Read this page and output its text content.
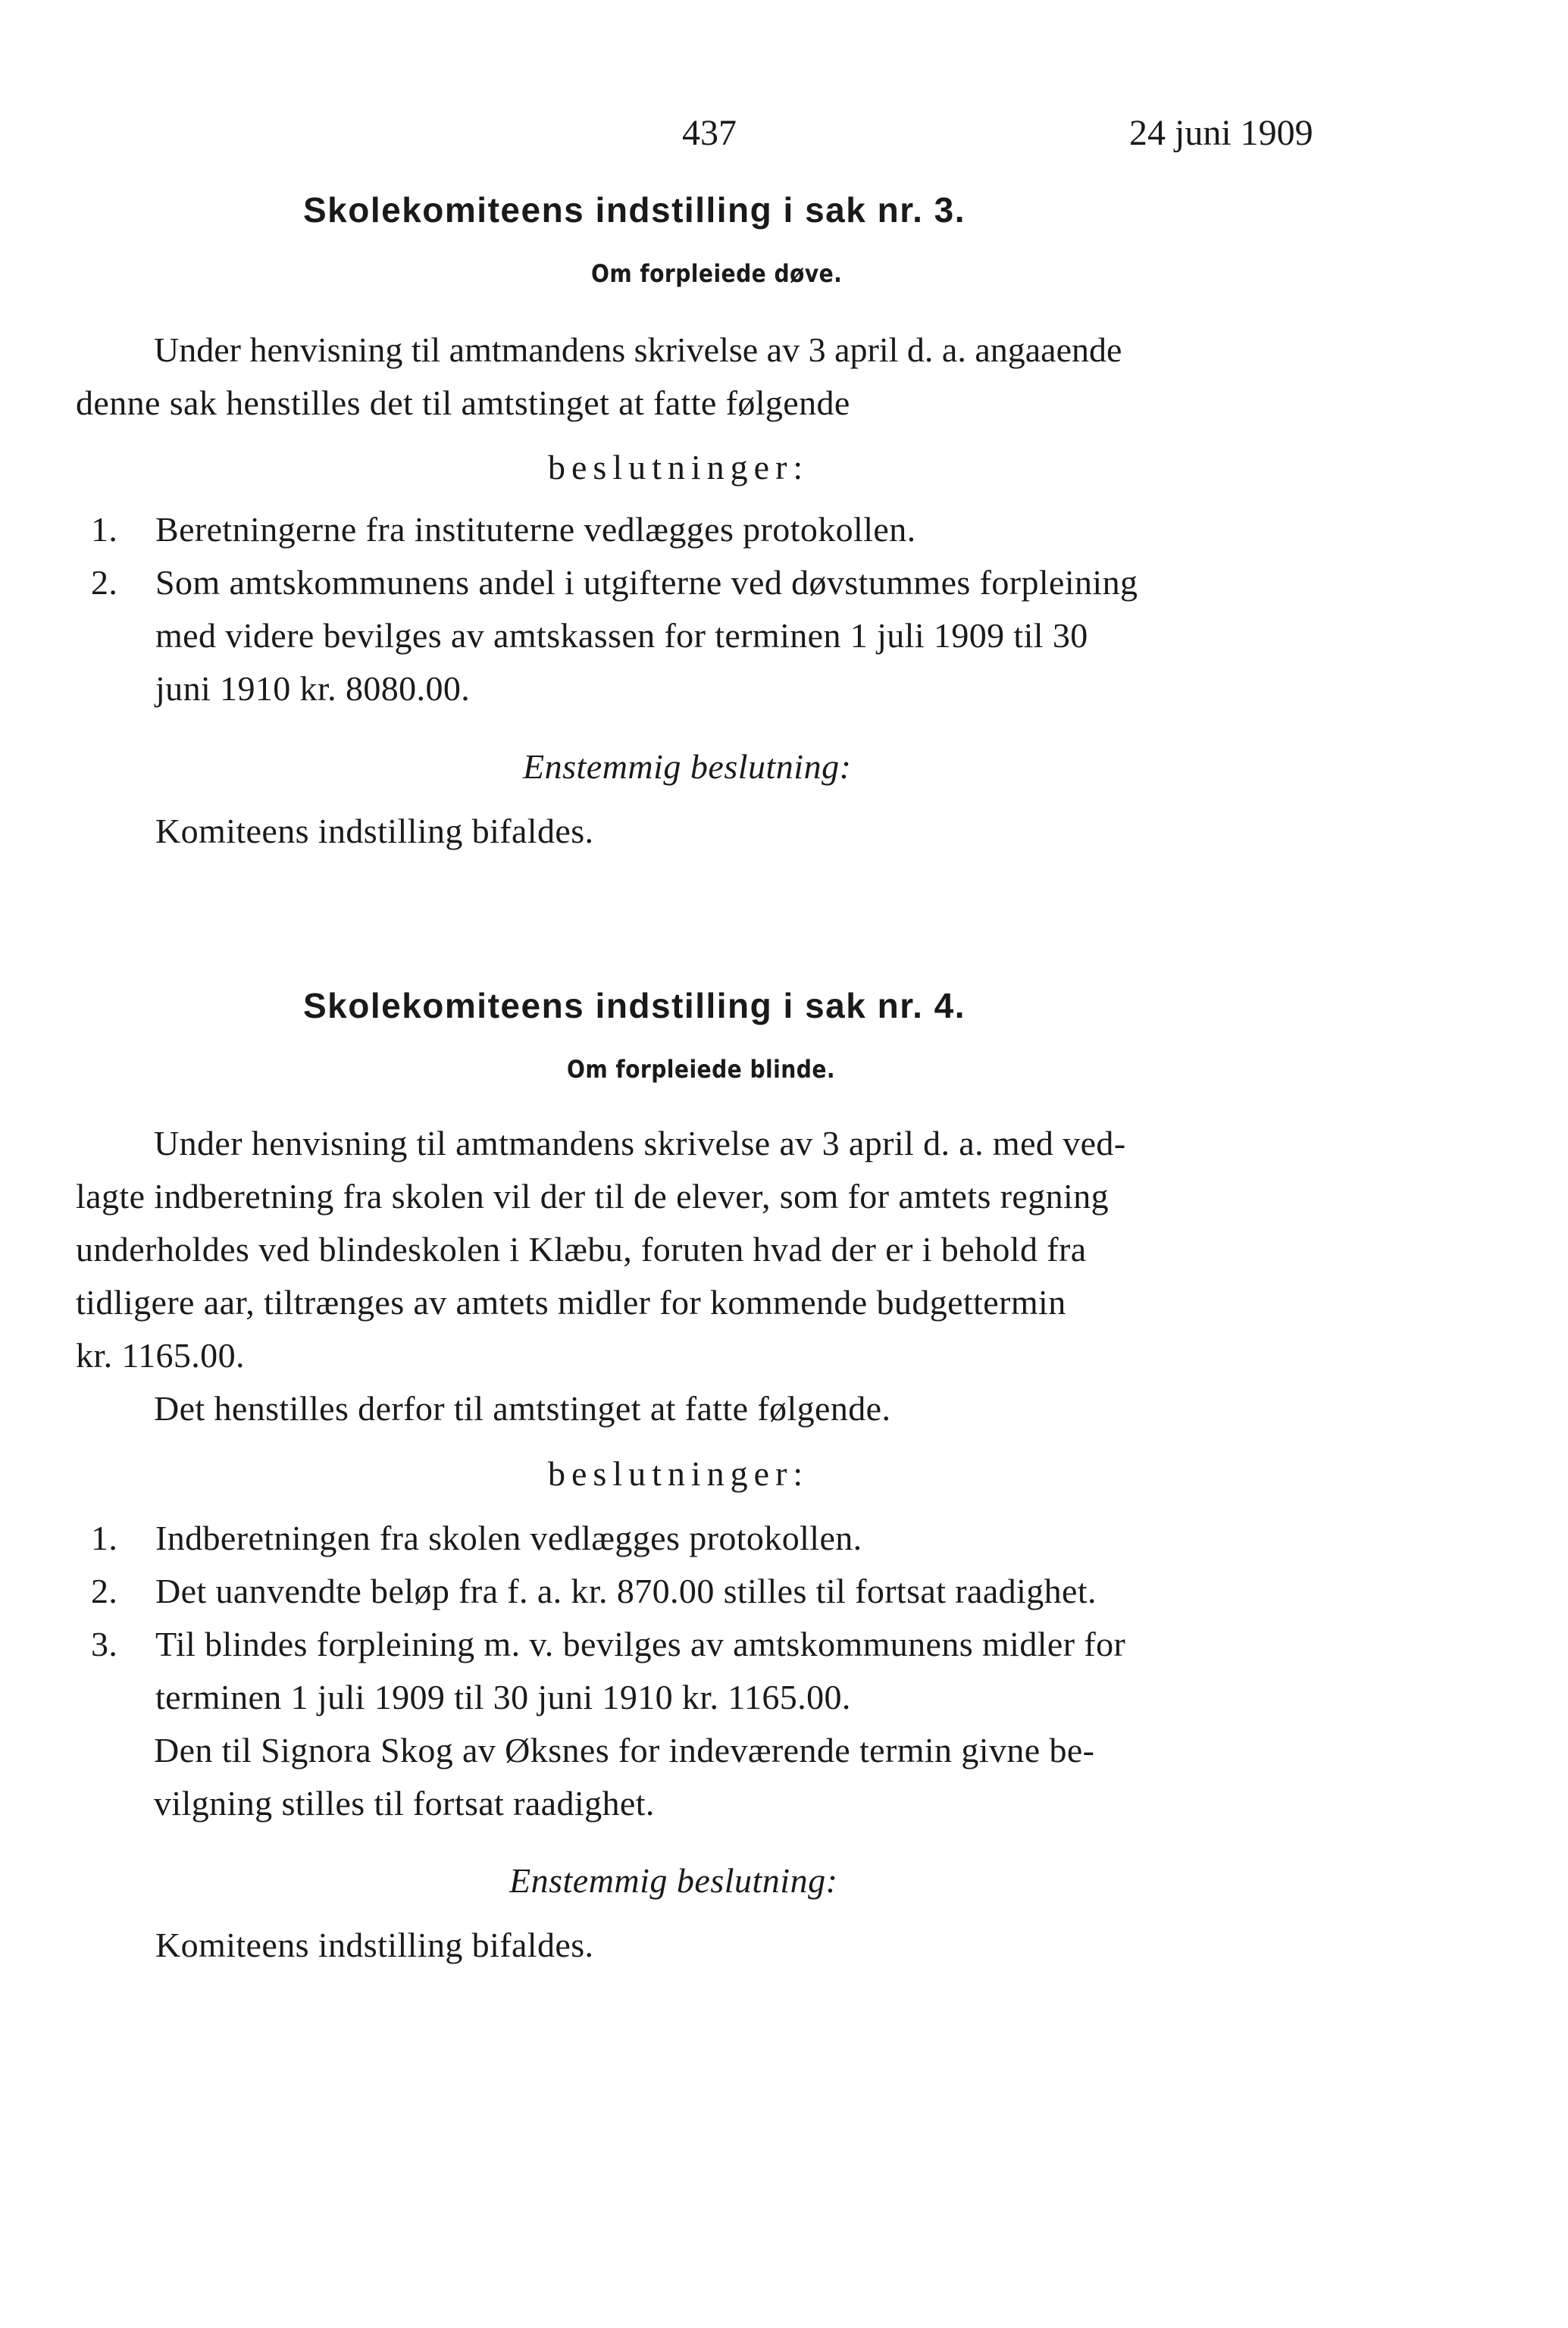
437	24 juni 1909
Skolekomiteens indstilling i sak nr. 3.
Om forpleiede døve.
Under henvisning til amtmandens skrivelse av 3 april d. a. angaaende
denne sak henstilles det til amtstinget at fatte følgende
beslutninger:
1. Beretningerne fra instituterne vedlægges protokollen.
2. Som amtskommunens andel i utgifterne ved døvstummes forpleining
med videre bevilges av amtskassen for terminen 1 juli 1909 til 30
juni 1910 kr. 8080.00.
Enstemmig beslutning:
Komiteens indstilling bifaldes.
Skolekomiteens indstilling i sak nr. 4.
Om forpleiede blinde.
Under henvisning til amtmandens skrivelse av 3 april d. a. med ved-
lagte indberetning fra skolen vil der til de elever, som for amtets regning
underholdes ved blindeskolen i Klæbu, foruten hvad der er i behold fra
tidligere aar, tiltrænges av amtets midler for kommende budgettermin
kr. 1165.00.
Det henstilles derfor til amtstinget at fatte følgende.
beslutninger:
1. Indberetningen fra skolen vedlægges protokollen.
2. Det uanvendte beløp fra f. a. kr. 870.00 stilles til fortsat raadighet.
3. Til blindes forpleining m. v. bevilges av amtskommunens midler for
terminen 1 juli 1909 til 30 juni 1910 kr. 1165.00.
Den til Signora Skog av Øksnes for indeværende termin givne be-
vilgning stilles til fortsat raadighet.
Enstemmig beslutning:
Komiteens indstilling bifaldes.
